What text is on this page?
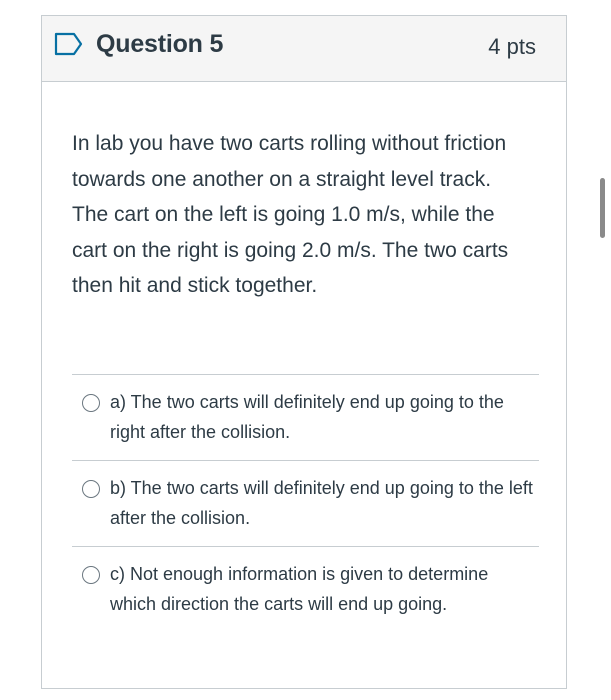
Question 5	4 pts
In lab you have two carts rolling without friction towards one another on a straight level track. The cart on the left is going 1.0 m/s, while the cart on the right is going 2.0 m/s. The two carts then hit and stick together.
a) The two carts will definitely end up going to the right after the collision.
b) The two carts will definitely end up going to the left after the collision.
c) Not enough information is given to determine which direction the carts will end up going.
